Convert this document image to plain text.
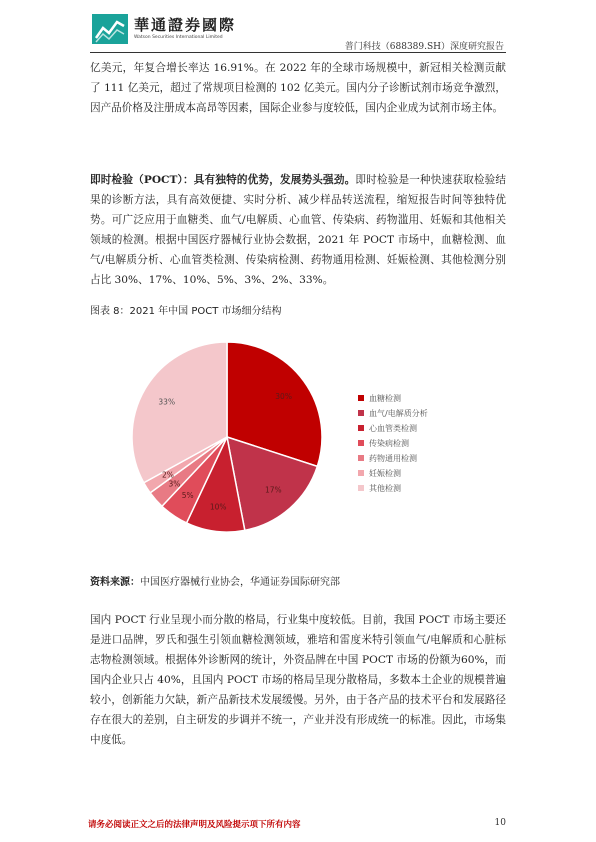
華通證券國際
Watson Securities International Limited
普门科技（688389.SH）深度研究报告

亿美元，年复合增长率达 16.91%。在 2022 年的全球市场规模中，新冠相关检测贡献了 111 亿美元，超过了常规项目检测的 102 亿美元。国内分子诊断试剂市场竞争激烈，因产品价格及注册成本高昂等因素，国际企业参与度较低，国内企业成为试剂市场主体。

即时检验（POCT）：具有独特的优势，发展势头强劲。即时检验是一种快速获取检验结果的诊断方法，具有高效便捷、实时分析、减少样品转送流程，缩短报告时间等独特优势。可广泛应用于血糖类、血气/电解质、心血管、传染病、药物滥用、妊娠和其他相关领域的检测。根据中国医疗器械行业协会数据，2021 年 POCT 市场中，血糖检测、血气/电解质分析、心血管类检测、传染病检测、药物通用检测、妊娠检测、其他检测分别占比 30%、17%、10%、5%、3%、2%、33%。

图表 8：2021 年中国 POCT 市场细分结构
30%
17%
10%
5%
3%
2%
33%	血糖检测
血气/电解质分析
心血管类检测
传染病检测
药物通用检测
妊娠检测
其他检测
资料来源：中国医疗器械行业协会，华通证券国际研究部

国内 POCT 行业呈现小而分散的格局，行业集中度较低。目前，我国 POCT 市场主要还是进口品牌，罗氏和强生引领血糖检测领域，雅培和雷度米特引领血气/电解质和心脏标志物检测领域。根据体外诊断网的统计，外资品牌在中国 POCT 市场的份额为60%，而国内企业只占 40%，且国内 POCT 市场的格局呈现分散格局，多数本土企业的规模普遍较小，创新能力欠缺，新产品新技术发展缓慢。另外，由于各产品的技术平台和发展路径存在很大的差别，自主研发的步调并不统一，产业并没有形成统一的标准。因此，市场集中度低。

请务必阅读正文之后的法律声明及风险提示项下所有内容	10
